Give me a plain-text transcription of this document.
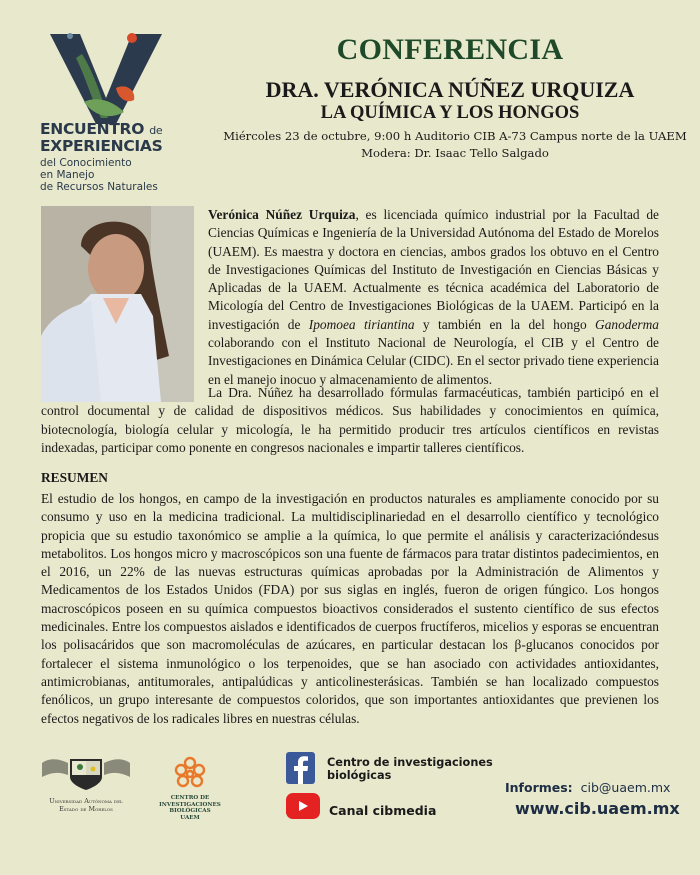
ENCUENTRO de
EXPERIENCIAS
del Conocimiento
en Manejo
de Recursos Naturales
CONFERENCIA
DRA. VERÓNICA NÚÑEZ URQUIZA
LA QUÍMICA Y LOS HONGOS
Miércoles 23 de octubre, 9:00 h Auditorio CIB A-73 Campus norte de la UAEM
Modera: Dr. Isaac Tello Salgado
Verónica Núñez Urquiza, es licenciada químico industrial por la Facultad de Ciencias Químicas e Ingeniería de la Universidad Autónoma del Estado de Morelos (UAEM). Es maestra y doctora en ciencias, ambos grados los obtuvo en el Centro de Investigaciones Químicas del Instituto de Investigación en Ciencias Básicas y Aplicadas de la UAEM. Actualmente es técnica académica del Laboratorio de Micología del Centro de Investigaciones Biológicas de la UAEM. Participó en la investigación de Ipomoea tiriantina y también en la del hongo Ganoderma colaborando con el Instituto Nacional de Neurología, el CIB y el Centro de Investigaciones en Dinámica Celular (CIDC). En el sector privado tiene experiencia en el manejo inocuo y almacenamiento de alimentos.
La Dra. Núñez ha desarrollado fórmulas farmacéuticas, también participó en el control documental y de calidad de dispositivos médicos. Sus habilidades y conocimientos en química, biotecnología, biología celular y micología, le ha permitido producir tres artículos científicos en revistas indexadas, participar como ponente en congresos nacionales e impartir talleres científicos.
RESUMEN
El estudio de los hongos, en campo de la investigación en productos naturales es ampliamente conocido por su consumo y uso en la medicina tradicional. La multidisciplinariedad en el desarrollo científico y tecnológico propicia que su estudio taxonómico se amplie a la química, lo que permite el análisis y caracterizacióndesus metabolitos. Los hongos micro y macroscópicos son una fuente de fármacos para tratar distintos padecimientos, en el 2016, un 22% de las nuevas estructuras químicas aprobadas por la Administración de Alimentos y Medicamentos de los Estados Unidos (FDA) por sus siglas en inglés, fueron de origen fúngico. Los hongos macroscópicos poseen en su química compuestos bioactivos considerados el sustento científico de sus efectos medicinales. Entre los compuestos aislados e identificados de cuerpos fructíferos, micelios y esporas se encuentran los polisacáridos que son macromoléculas de azúcares, en particular destacan los β-glucanos conocidos por fortalecer el sistema inmunológico o los terpenoides, que se han asociado con actividades antioxidantes, antimicrobianas, antitumorales, antipalúdicas y anticolinesterásicas. También se han localizado compuestos fenólicos, un grupo interesante de compuestos coloridos, que son importantes antioxidantes que previenen los efectos negativos de los radicales libres en nuestras células.
Universidad Autónoma del
Estado de Morelos
CENTRO DE
INVESTIGACIONES
BIOLÓGICAS
UAEM
Centro de investigaciones biológicas
Canal cibmedia
Informes: cib@uaem.mx
www.cib.uaem.mx
